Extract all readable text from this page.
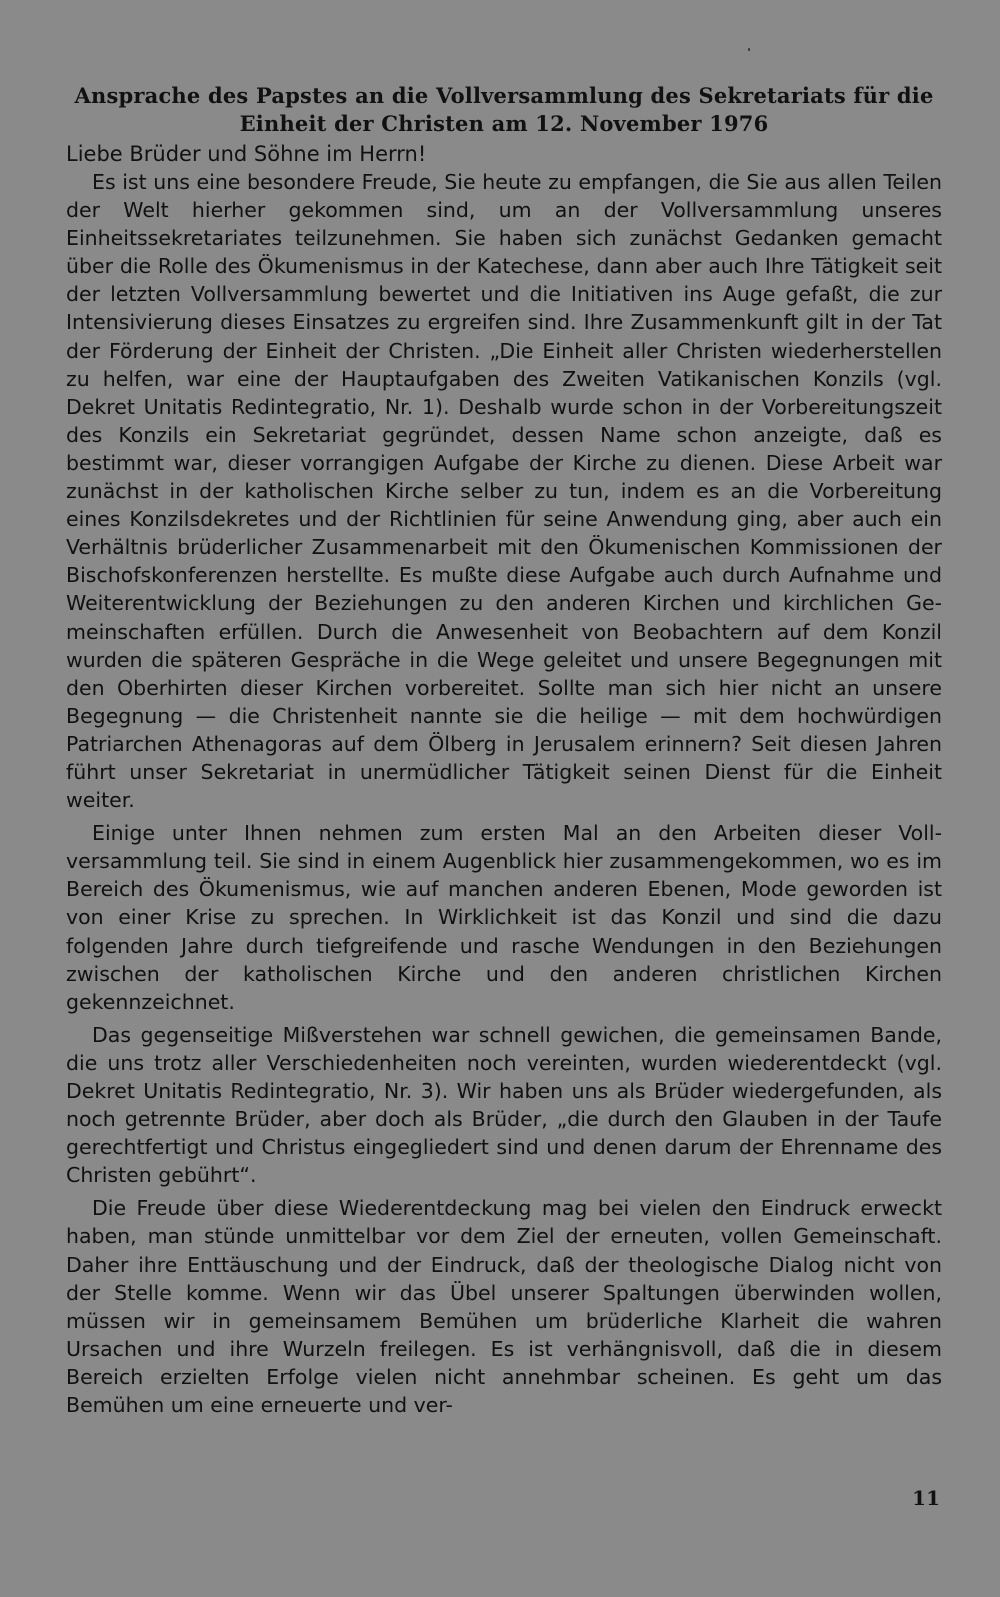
Ansprache des Papstes an die Vollversammlung des Sekretariats für die
Einheit der Christen am 12. November 1976

Liebe Brüder und Söhne im Herrn!

Es ist uns eine besondere Freude, Sie heute zu empfangen, die Sie aus allen Teilen der Welt hierher gekommen sind, um an der Vollversammlung unseres Einheitssekretariates teilzunehmen. Sie haben sich zunächst Gedanken gemacht über die Rolle des Ökumenismus in der Katechese, dann aber auch Ihre Tätigkeit seit der letzten Vollversammlung bewertet und die Initiativen ins Auge gefaßt, die zur Intensivierung dieses Einsatzes zu ergreifen sind. Ihre Zusammenkunft gilt in der Tat der Förderung der Einheit der Christen. „Die Einheit aller Christen wiederherstellen zu helfen, war eine der Hauptaufgaben des Zweiten Vatikanischen Konzils (vgl. Dekret Unitatis Redintegratio, Nr. 1). Deshalb wurde schon in der Vorbereitungszeit des Konzils ein Sekretariat gegründet, dessen Name schon anzeigte, daß es bestimmt war, dieser vorrangigen Aufgabe der Kirche zu dienen. Diese Arbeit war zunächst in der katholischen Kirche selber zu tun, indem es an die Vorbereitung eines Konzilsdekretes und der Richtlinien für seine Anwendung ging, aber auch ein Verhältnis brüderlicher Zusammenarbeit mit den Ökumenischen Kommissionen der Bischofskonferenzen herstellte. Es mußte diese Aufgabe auch durch Aufnahme und Weiterentwicklung der Beziehungen zu den anderen Kirchen und kirchlichen Gemeinschaften erfüllen. Durch die Anwesenheit von Beobachtern auf dem Konzil wurden die späteren Gespräche in die Wege geleitet und unsere Begegnungen mit den Oberhirten dieser Kirchen vorbereitet. Sollte man sich hier nicht an unsere Begegnung — die Christenheit nannte sie die heilige — mit dem hochwürdigen Patriarchen Athenagoras auf dem Ölberg in Jerusalem erinnern? Seit diesen Jahren führt unser Sekretariat in unermüdlicher Tätigkeit seinen Dienst für die Einheit weiter.

Einige unter Ihnen nehmen zum ersten Mal an den Arbeiten dieser Vollversammlung teil. Sie sind in einem Augenblick hier zusammengekommen, wo es im Bereich des Ökumenismus, wie auf manchen anderen Ebenen, Mode geworden ist von einer Krise zu sprechen. In Wirklichkeit ist das Konzil und sind die dazu folgenden Jahre durch tiefgreifende und rasche Wendungen in den Beziehungen zwischen der katholischen Kirche und den anderen christlichen Kirchen gekennzeichnet.

Das gegenseitige Mißverstehen war schnell gewichen, die gemeinsamen Bande, die uns trotz aller Verschiedenheiten noch vereinten, wurden wiederentdeckt (vgl. Dekret Unitatis Redintegratio, Nr. 3). Wir haben uns als Brüder wiedergefunden, als noch getrennte Brüder, aber doch als Brüder, „die durch den Glauben in der Taufe gerechtfertigt und Christus eingegliedert sind und denen darum der Ehrenname des Christen gebührt“.

Die Freude über diese Wiederentdeckung mag bei vielen den Eindruck erweckt haben, man stünde unmittelbar vor dem Ziel der erneuten, vollen Gemeinschaft. Daher ihre Enttäuschung und der Eindruck, daß der theologische Dialog nicht von der Stelle komme. Wenn wir das Übel unserer Spaltungen überwinden wollen, müssen wir in gemeinsamem Bemühen um brüderliche Klarheit die wahren Ursachen und ihre Wurzeln freilegen. Es ist verhängnisvoll, daß die in diesem Bereich erzielten Erfolge vielen nicht annehmbar scheinen. Es geht um das Bemühen um eine erneuerte und ver-

11
